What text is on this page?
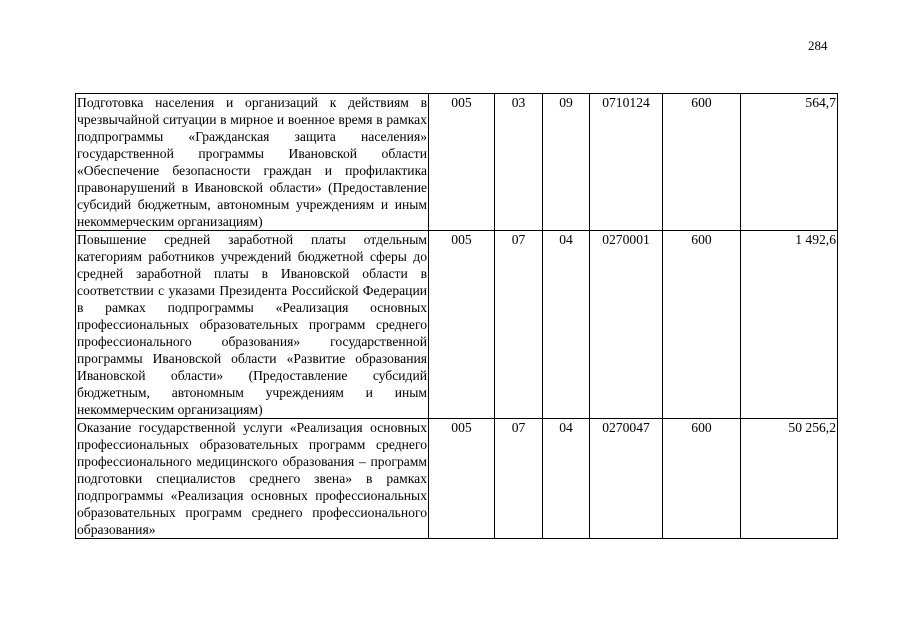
284
Подготовка населения и организаций к действиям в чрезвычайной ситуации в мирное и военное время в рамках подпрограммы «Гражданская защита населения» государственной программы Ивановской области «Обеспечение безопасности граждан и профилактика правонарушений в Ивановской области» (Предоставление субсидий бюджетным, автономным учреждениям и иным некоммерческим организациям)	005	03	09	0710124	600	564,7
Повышение средней заработной платы отдельным категориям работников учреждений бюджетной сферы до средней заработной платы в Ивановской области в соответствии с указами Президента Российской Федерации в рамках подпрограммы «Реализация основных профессиональных образовательных программ среднего профессионального образования» государственной программы Ивановской области «Развитие образования Ивановской области» (Предоставление субсидий бюджетным, автономным учреждениям и иным некоммерческим организациям)	005	07	04	0270001	600	1 492,6
Оказание государственной услуги «Реализация основных профессиональных образовательных программ среднего профессионального медицинского образования – программ подготовки специалистов среднего звена» в рамках подпрограммы «Реализация основных профессиональных образовательных программ среднего профессионального образования»	005	07	04	0270047	600	50 256,2
